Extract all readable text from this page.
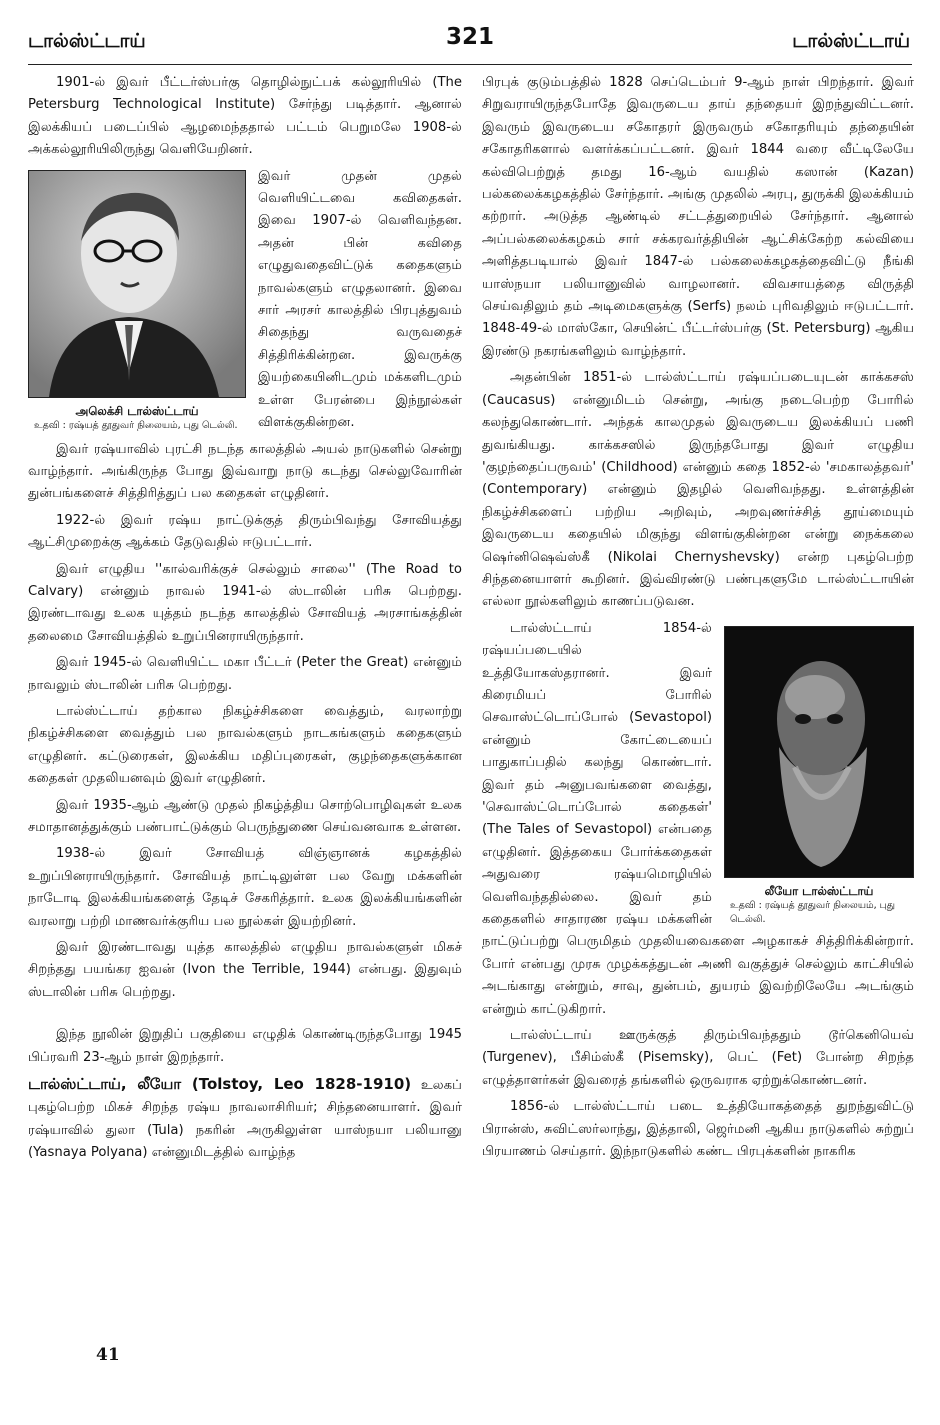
டால்ஸ்ட்டாய்	321	டால்ஸ்ட்டாய்

1901-ல் இவர் பீட்டர்ஸ்பர்கு தொழில்நுட்பக் கல்லூரியில் (The Petersburg Technological Institute) சேர்ந்து படித்தார். ஆனால் இலக்கியப் படைப்பில் ஆழமைந்ததால் பட்டம் பெறுமலே 1908-ல் அக்கல்லூரியிலிருந்து வெளியேறினர்.

அலெக்சி டால்ஸ்ட்டாய்
உதவி : ரஷ்யத் தூதுவர் நிலையம், புது டெல்லி.

இவர் முதன் முதல் வெளியிட்டவை கவிதைகள். இவை 1907-ல் வெளிவந்தன. அதன் பின் கவிதை எழுதுவதைவிட்டுக் கதைகளும் நாவல்களும் எழுதலானர். இவை சார் அரசர் காலத்தில் பிரபுத்துவம் சிதைந்து வருவதைச் சித்திரிக்கின்றன. இவருக்கு இயற்கையினிடமும் மக்களிடமும் உள்ள பேரன்பை இந்நூல்கள் விளக்குகின்றன.

இவர் ரஷ்யாவில் புரட்சி நடந்த காலத்தில் அயல் நாடுகளில் சென்று வாழ்ந்தார். அங்கிருந்த போது இவ்வாறு நாடு கடந்து செல்லுவோரின் துன்பங்களைச் சித்திரித்துப் பல கதைகள் எழுதினர்.

1922-ல் இவர் ரஷ்ய நாட்டுக்குத் திரும்பிவந்து சோவியத்து ஆட்சிமுறைக்கு ஆக்கம் தேடுவதில் ஈடுபட்டார்.

இவர் எழுதிய ''கால்வரிக்குச் செல்லும் சாலை'' (The Road to Calvary) என்னும் நாவல் 1941-ல் ஸ்டாலின் பரிசு பெற்றது. இரண்டாவது உலக யுத்தம் நடந்த காலத்தில் சோவியத் அரசாங்கத்தின் தலைமை சோவியத்தில் உறுப்பினராயிருந்தார்.

இவர் 1945-ல் வெளியிட்ட மகா பீட்டர் (Peter the Great) என்னும் நாவலும் ஸ்டாலின் பரிசு பெற்றது.

டால்ஸ்ட்டாய் தற்கால நிகழ்ச்சிகளை வைத்தும், வரலாற்று நிகழ்ச்சிகளை வைத்தும் பல நாவல்களும் நாடகங்களும் கதைகளும் எழுதினர். கட்டுரைகள், இலக்கிய மதிப்புரைகள், குழந்தைகளுக்கான கதைகள் முதலியனவும் இவர் எழுதினர்.

இவர் 1935-ஆம் ஆண்டு முதல் நிகழ்த்திய சொற்பொழிவுகள் உலக சமாதானத்துக்கும் பண்பாட்டுக்கும் பெருந்துணை செய்வனவாக உள்ளன.

1938-ல் இவர் சோவியத் விஞ்ஞானக் கழகத்தில் உறுப்பினராயிருந்தார். சோவியத் நாட்டிலுள்ள பல வேறு மக்களின் நாடோடி இலக்கியங்களைத் தேடிச் சேகரித்தார். உலக இலக்கியங்களின் வரலாறு பற்றி மாணவர்க்குரிய பல நூல்கள் இயற்றினர்.

இவர் இரண்டாவது யுத்த காலத்தில் எழுதிய நாவல்களுள் மிகச் சிறந்தது பயங்கர ஐவன் (Ivon the Terrible, 1944) என்பது. இதுவும் ஸ்டாலின் பரிசு பெற்றது.

இந்த நூலின் இறுதிப் பகுதியை எழுதிக் கொண்டிருந்தபோது 1945 பிப்ரவரி 23-ஆம் நாள் இறந்தார்.

டால்ஸ்ட்டாய், லீயோ (Tolstoy, Leo 1828-1910) உலகப் புகழ்பெற்ற மிகச் சிறந்த ரஷ்ய நாவலாசிரியர்; சிந்தனையாளர். இவர் ரஷ்யாவில் துலா (Tula) நகரின் அருகிலுள்ள யாஸ்நயா பலியானு (Yasnaya Polyana) என்னுமிடத்தில் வாழ்ந்த

பிரபுக் குடும்பத்தில் 1828 செப்டெம்பர் 9-ஆம் நாள் பிறந்தார். இவர் சிறுவராயிருந்தபோதே இவருடைய தாய் தந்தையர் இறந்துவிட்டனர். இவரும் இவருடைய சகோதரர் இருவரும் சகோதரியும் தந்தையின் சகோதரிகளால் வளர்க்கப்பட்டனர். இவர் 1844 வரை வீட்டிலேயே கல்விபெற்றுத் தமது 16-ஆம் வயதில் கஸான் (Kazan) பல்கலைக்கழகத்தில் சேர்ந்தார். அங்கு முதலில் அரபு, துருக்கி இலக்கியம் கற்றார். அடுத்த ஆண்டில் சட்டத்துறையில் சேர்ந்தார். ஆனால் அப்பல்கலைக்கழகம் சார் சக்கரவர்த்தியின் ஆட்சிக்கேற்ற கல்வியை அளித்தபடியால் இவர் 1847-ல் பல்கலைக்கழகத்தைவிட்டு நீங்கி யாஸ்நயா பலியானுவில் வாழலானர். விவசாயத்தை விருத்தி செய்வதிலும் தம் அடிமைகளுக்கு (Serfs) நலம் புரிவதிலும் ஈடுபட்டார். 1848-49-ல் மாஸ்கோ, செயின்ட் பீட்டர்ஸ்பர்கு (St. Petersburg) ஆகிய இரண்டு நகரங்களிலும் வாழ்ந்தார்.

அதன்பின் 1851-ல் டால்ஸ்ட்டாய் ரஷ்யப்படையுடன் காக்கசஸ் (Caucasus) என்னுமிடம் சென்று, அங்கு நடைபெற்ற போரில் கலந்துகொண்டார். அந்தக் காலமுதல் இவருடைய இலக்கியப் பணி துவங்கியது. காக்கசஸில் இருந்தபோது இவர் எழுதிய 'குழந்தைப்பருவம்' (Childhood) என்னும் கதை 1852-ல் 'சமகாலத்தவர்' (Contemporary) என்னும் இதழில் வெளிவந்தது. உள்ளத்தின் நிகழ்ச்சிகளைப் பற்றிய அறிவும், அறவுணர்ச்சித் தூய்மையும் இவருடைய கதையில் மிகுந்து விளங்குகின்றன என்று நைக்கலை ஷெர்னிஷெவ்ஸ்கீ (Nikolai Chernyshevsky) என்ற புகழ்பெற்ற சிந்தனையாளர் கூறினர். இவ்விரண்டு பண்புகளுமே டால்ஸ்ட்டாயின் எல்லா நூல்களிலும் காணப்படுவன.

லீயோ டால்ஸ்ட்டாய்
உதவி : ரஷ்யத் தூதுவர் நிலையம், புது டெல்லி.

டால்ஸ்ட்டாய் 1854-ல் ரஷ்யப்படையில் உத்தியோகஸ்தரானர். இவர் கிரைமியப் போரில் செவாஸ்ட்டொப்போல் (Sevastopol) என்னும் கோட்டையைப் பாதுகாப்பதில் கலந்து கொண்டார். இவர் தம் அனுபவங்களை வைத்து, 'செவாஸ்ட்டொப்போல் கதைகள்' (The Tales of Sevastopol) என்பதை எழுதினர். இத்தகைய போர்க்கதைகள் அதுவரை ரஷ்யமொழியில் வெளிவந்ததில்லை. இவர் தம் கதைகளில் சாதாரண ரஷ்ய மக்களின் நாட்டுப்பற்று பெருமிதம் முதலியவைகளை அழகாகச் சித்திரிக்கின்றார். போர் என்பது முரசு முழக்கத்துடன் அணி வகுத்துச் செல்லும் காட்சியில் அடங்காது என்றும், சாவு, துன்பம், துயரம் இவற்றிலேயே அடங்கும் என்றும் காட்டுகிறார்.

டால்ஸ்ட்டாய் ஊருக்குத் திரும்பிவந்ததும் டூர்கெனியெவ் (Turgenev), பீசிம்ஸ்கீ (Pisemsky), பெட் (Fet) போன்ற சிறந்த எழுத்தாளர்கள் இவரைத் தங்களில் ஒருவராக ஏற்றுக்கொண்டனர்.

1856-ல் டால்ஸ்ட்டாய் படை உத்தியோகத்தைத் துறந்துவிட்டு பிரான்ஸ், சுவிட்ஸர்லாந்து, இத்தாலி, ஜெர்மனி ஆகிய நாடுகளில் சுற்றுப் பிரயாணம் செய்தார். இந்நாடுகளில் கண்ட பிரபுக்களின் நாகரிக

41
